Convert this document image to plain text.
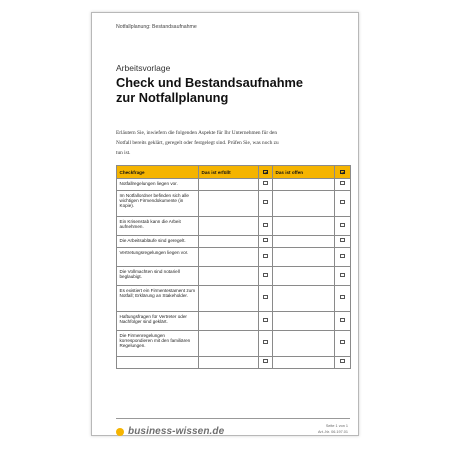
Notfallplanung: Bestandsaufnahme
Arbeitsvorlage
Check und Bestandsaufnahme
zur Notfallplanung
Erläutern Sie, inwiefern die folgenden Aspekte für Ihr Unternehmen für den
Notfall bereits geklärt, geregelt oder festgelegt sind. Prüfen Sie, was noch zu
tun ist.
Checkfrage	Das ist erfüllt		Das ist offen	
Notfallregelungen liegen vor.				
Im Notfallordner befinden sich alle wichtigen Firmendokumente (in Kopie).				
Ein Krisenstab kann die Arbeit aufnehmen.				
Die Arbeitsabläufe sind geregelt.				
Vertretungsregelungen liegen vor.				
Die Vollmachten sind notariell beglaubigt.				
Es existiert ein Firmentestament zum Notfall; Erklärung an Stakeholder.				
Haftungsfragen für Vertreter oder Nachfolger sind geklärt.				
Die Firmenregelungen korrespondieren mit den familiären Regelungen.				

business-wissen.de	Seite 1 von 1
Art.-Nr. 06.197.01
